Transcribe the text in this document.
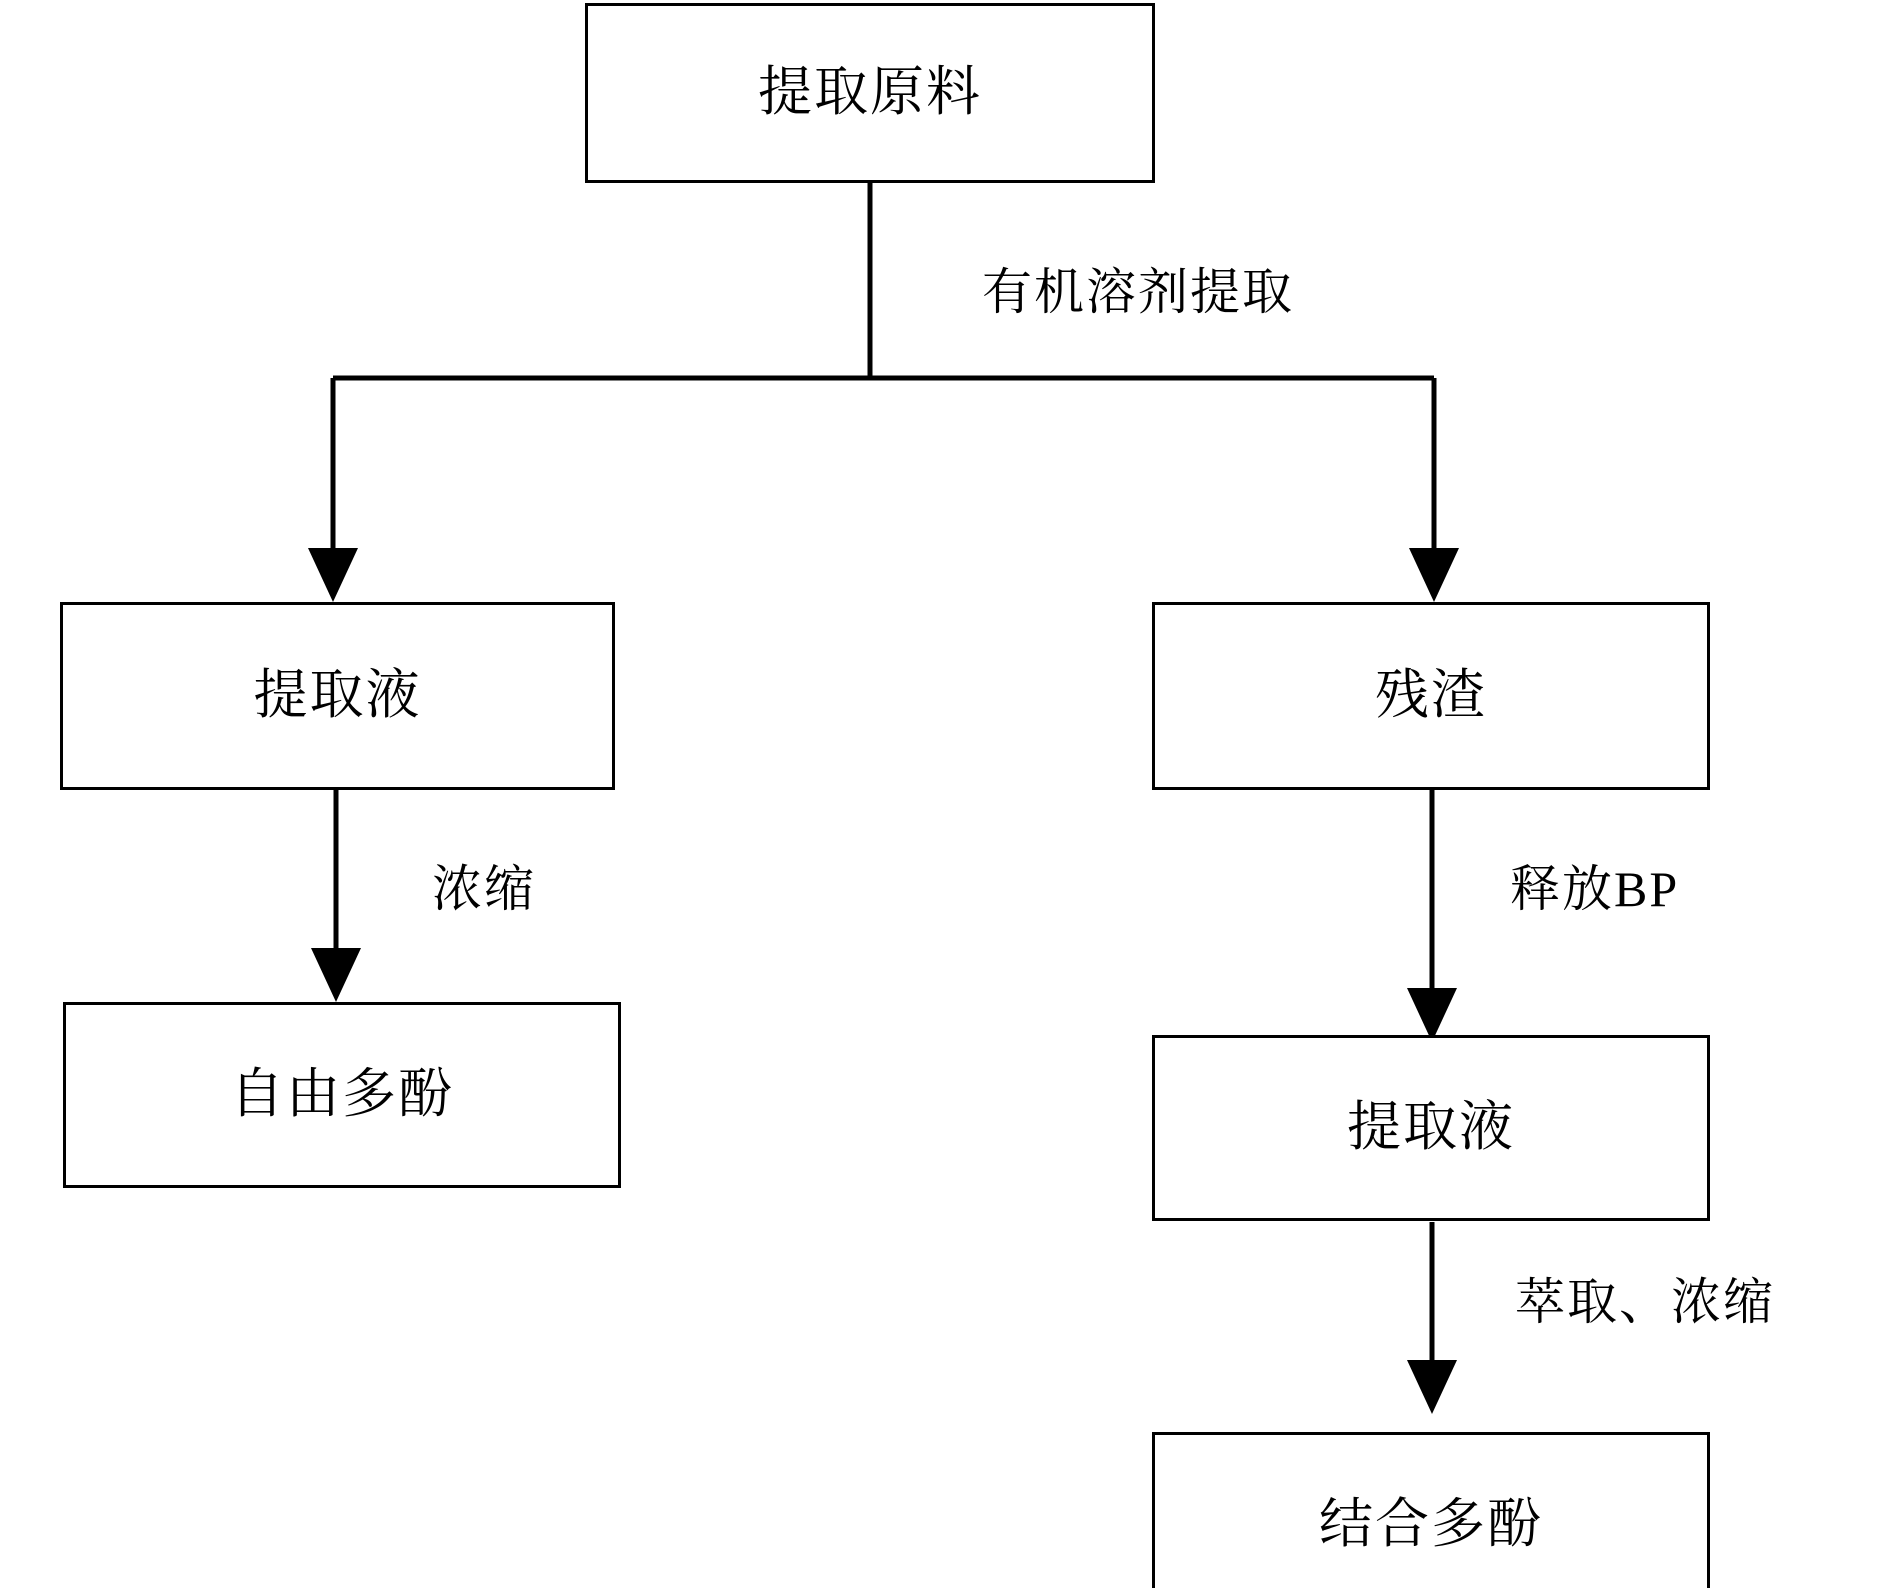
提取原料
提取液	残渣
自由多酚
提取液
结合多酚
有机溶剂提取
浓缩	释放BP
萃取、浓缩
